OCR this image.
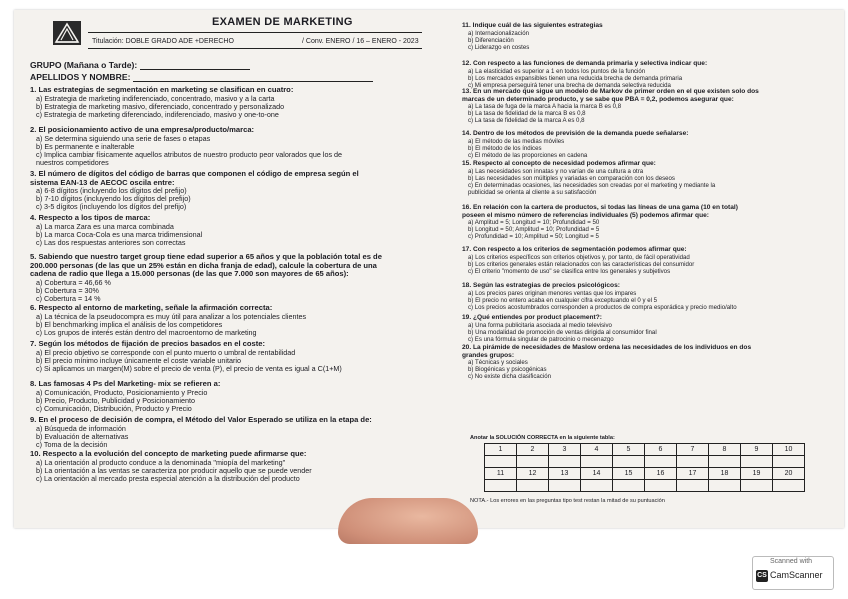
EXAMEN DE MARKETING
Titulación: DOBLE GRADO ADE +DERECHO	/ Conv. ENERO / 16 – ENERO - 2023
GRUPO (Mañana o Tarde):
APELLIDOS Y NOMBRE:
1. Las estrategias de segmentación en marketing se clasifican en cuatro:
a) Estrategia de marketing indiferenciado, concentrado, masivo y a la carta
b) Estrategia de marketing masivo, diferenciado, concentrado y personalizado
c) Estrategia de marketing diferenciado, indiferenciado, masivo y one-to-one
2. El posicionamiento activo de una empresa/producto/marca:
a) Se determina siguiendo una serie de fases o etapas
b) Es permanente e inalterable
c) Implica cambiar físicamente aquellos atributos de nuestro producto peor valorados que los de
nuestros competidores
3. El número de dígitos del código de barras que componen el código de empresa según el
sistema EAN-13 de AECOC oscila entre:
a) 6-8 dígitos (incluyendo los dígitos del prefijo)
b) 7-10 dígitos (incluyendo los dígitos del prefijo)
c) 3-5 dígitos (incluyendo los dígitos del prefijo)
4. Respecto a los tipos de marca:
a) La marca Zara es una marca combinada
b) La marca Coca-Cola es una marca tridimensional
c) Las dos respuestas anteriores son correctas
5. Sabiendo que nuestro target group tiene edad superior a 65 años y que la población total es de
200.000 personas (de las que un 25% están en dicha franja de edad), calcule la cobertura de una
cadena de radio que llega a 15.000 personas (de las que 7.000 son mayores de 65 años):
a) Cobertura = 46,66 %
b) Cobertura = 30%
c) Cobertura = 14 %
6. Respecto al entorno de marketing, señale la afirmación correcta:
a) La técnica de la pseudocompra es muy útil para analizar a los potenciales clientes
b) El benchmarking implica el análisis de los competidores
c) Los grupos de interés están dentro del macroentorno de marketing
7. Según los métodos de fijación de precios basados en el coste:
a) El precio objetivo se corresponde con el punto muerto o umbral de rentabilidad
b) El precio mínimo incluye únicamente el coste variable unitario
c) Si aplicamos un margen(M) sobre el precio de venta (P), el precio de venta es igual a C(1+M)
8. Las famosas 4 Ps del Marketing- mix se refieren a:
a) Comunicación, Producto, Posicionamiento y Precio
b) Precio, Producto, Publicidad y Posicionamiento
c) Comunicación, Distribución, Producto y Precio
9. En el proceso de decisión de compra, el Método del Valor Esperado se utiliza en la etapa de:
a) Búsqueda de información
b) Evaluación de alternativas
c) Toma de la decisión
10. Respecto a la evolución del concepto de marketing puede afirmarse que:
a) La orientación al producto conduce a la denominada "miopía del marketing"
b) La orientación a las ventas se caracteriza por producir aquello que se puede vender
c) La orientación al mercado presta especial atención a la distribución del producto
11. Indique cuál de las siguientes estrategias
a) Internacionalización
b) Diferenciación
c) Liderazgo en costes
12. Con respecto a las funciones de demanda primaria y selectiva indicar que:
a) La elasticidad es superior a 1 en todos los puntos de la función
b) Los mercados expansibles tienen una reducida brecha de demanda primaria
c) Mi empresa perseguirá tener una brecha de demanda selectiva reducida
13. En un mercado que sigue un modelo de Markov de primer orden en el que existen solo dos
marcas de un determinado producto, y se sabe que PBA = 0,2, podemos asegurar que:
a) La tasa de fuga de la marca A hacia la marca B es 0,8
b) La tasa de fidelidad de la marca B es 0,8
c) La tasa de fidelidad de la marca A es 0,8
14. Dentro de los métodos de previsión de la demanda puede señalarse:
a) El método de las medias móviles
b) El método de los índices
c) El método de las proporciones en cadena
15. Respecto al concepto de necesidad podemos afirmar que:
a) Las necesidades son innatas y no varían de una cultura a otra
b) Las necesidades son múltiples y variadas en comparación con los deseos
c) En determinadas ocasiones, las necesidades son creadas por el marketing y mediante la
publicidad se orienta al cliente a su satisfacción
16. En relación con la cartera de productos, si todas las líneas de una gama (10 en total)
poseen el mismo número de referencias individuales (5) podemos afirmar que:
a) Amplitud = 5; Longitud = 10; Profundidad = 50
b) Longitud = 50; Amplitud = 10; Profundidad = 5
c) Profundidad = 10; Amplitud = 50; Longitud = 5
17. Con respecto a los criterios de segmentación podemos afirmar que:
a) Los criterios específicos son criterios objetivos y, por tanto, de fácil operatividad
b) Los criterios generales están relacionados con las características del consumidor
c) El criterio "momento de uso" se clasifica entre los generales y subjetivos
18. Según las estrategias de precios psicológicos:
a) Los precios pares originan menores ventas que los impares
b) El precio no entero acaba en cualquier cifra exceptuando el 0 y el 5
c) Los precios acostumbrados corresponden a productos de compra esporádica y precio medio/alto
19. ¿Qué entiendes por product placement?:
a) Una forma publicitaria asociada al medio televisivo
b) Una modalidad de promoción de ventas dirigida al consumidor final
c) Es una fórmula singular de patrocinio o mecenazgo
20. La pirámide de necesidades de Maslow ordena las necesidades de los individuos en dos
grandes grupos:
a) Técnicas y sociales
b) Biogénicas y psicogénicas
c) No existe dicha clasificación
Anotar la SOLUCIÓN CORRECTA en la siguiente tabla:
1	2	3	4	5	6	7	8	9	10

11	12	13	14	15	16	17	18	19	20

NOTA.- Los errores en las preguntas tipo test restan la mitad de su puntuación
Scanned with
CS CamScanner
